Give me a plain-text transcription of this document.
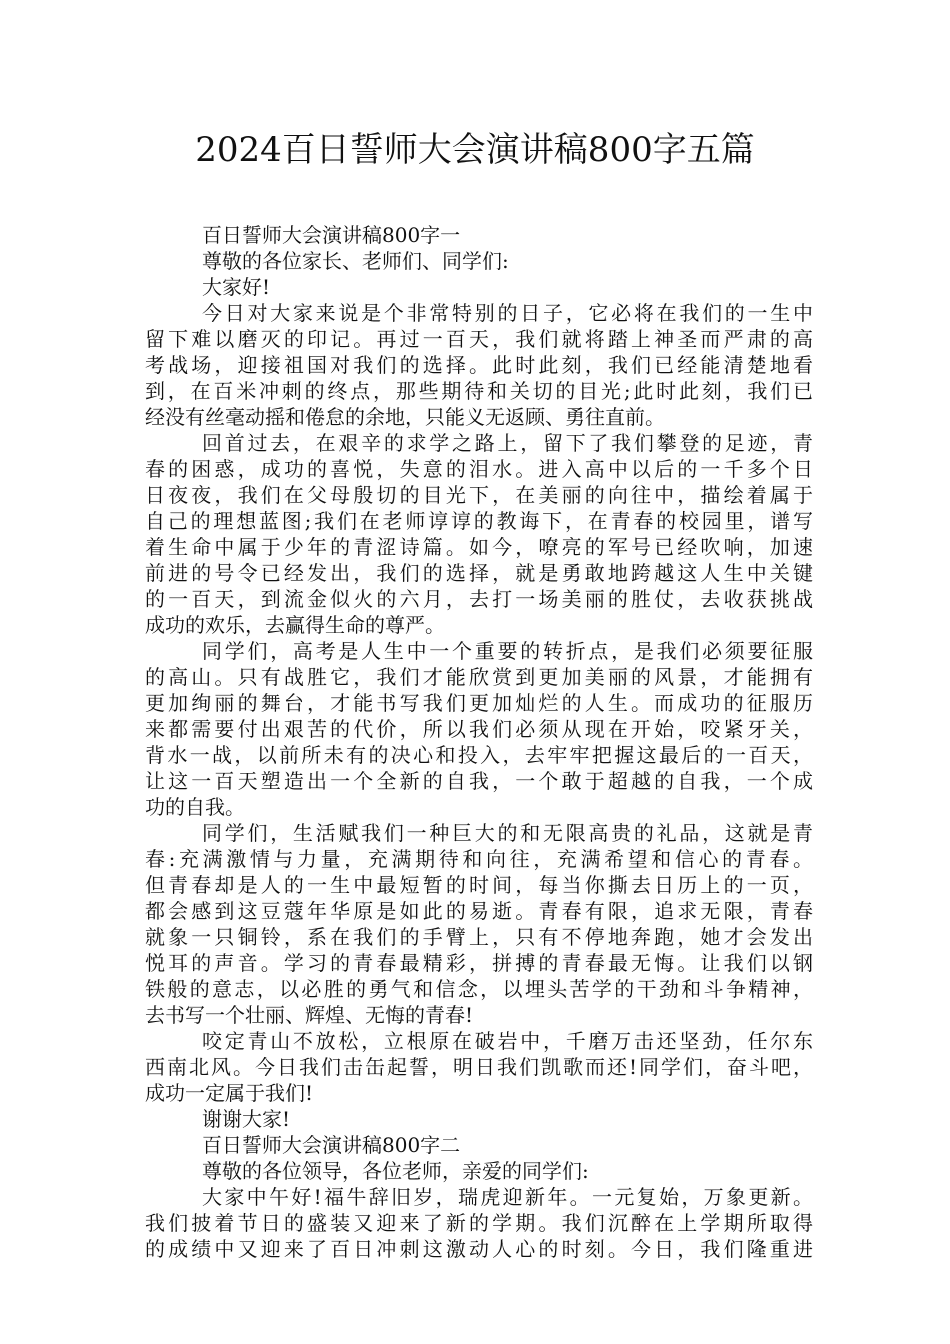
2024百日誓师大会演讲稿800字五篇
百日誓师大会演讲稿800字一
尊敬的各位家长、老师们、同学们:
大家好!
今日对大家来说是个非常特别的日子，它必将在我们的一生中
留下难以磨灭的印记。再过一百天，我们就将踏上神圣而严肃的高
考战场，迎接祖国对我们的选择。此时此刻，我们已经能清楚地看
到，在百米冲刺的终点，那些期待和关切的目光;此时此刻，我们已
经没有丝毫动摇和倦怠的余地，只能义无返顾、勇往直前。
回首过去，在艰辛的求学之路上，留下了我们攀登的足迹，青
春的困惑，成功的喜悦，失意的泪水。进入高中以后的一千多个日
日夜夜，我们在父母殷切的目光下，在美丽的向往中，描绘着属于
自己的理想蓝图;我们在老师谆谆的教诲下，在青春的校园里，谱写
着生命中属于少年的青涩诗篇。如今，嘹亮的军号已经吹响，加速
前进的号令已经发出，我们的选择，就是勇敢地跨越这人生中关键
的一百天，到流金似火的六月，去打一场美丽的胜仗，去收获挑战
成功的欢乐，去赢得生命的尊严。
同学们，高考是人生中一个重要的转折点，是我们必须要征服
的高山。只有战胜它，我们才能欣赏到更加美丽的风景，才能拥有
更加绚丽的舞台，才能书写我们更加灿烂的人生。而成功的征服历
来都需要付出艰苦的代价，所以我们必须从现在开始，咬紧牙关，
背水一战，以前所未有的决心和投入，去牢牢把握这最后的一百天，
让这一百天塑造出一个全新的自我，一个敢于超越的自我，一个成
功的自我。
同学们，生活赋我们一种巨大的和无限高贵的礼品，这就是青
春:充满激情与力量，充满期待和向往，充满希望和信心的青春。
但青春却是人的一生中最短暂的时间，每当你撕去日历上的一页，
都会感到这豆蔻年华原是如此的易逝。青春有限，追求无限，青春
就象一只铜铃，系在我们的手臂上，只有不停地奔跑，她才会发出
悦耳的声音。学习的青春最精彩，拼搏的青春最无悔。让我们以钢
铁般的意志，以必胜的勇气和信念，以埋头苦学的干劲和斗争精神，
去书写一个壮丽、辉煌、无悔的青春!
咬定青山不放松，立根原在破岩中，千磨万击还坚劲，任尔东
西南北风。今日我们击缶起誓，明日我们凯歌而还!同学们，奋斗吧，
成功一定属于我们!
谢谢大家!
百日誓师大会演讲稿800字二
尊敬的各位领导，各位老师，亲爱的同学们:
大家中午好!福牛辞旧岁，瑞虎迎新年。一元复始，万象更新。
我们披着节日的盛装又迎来了新的学期。我们沉醉在上学期所取得
的成绩中又迎来了百日冲刺这激动人心的时刻。今日，我们隆重进
